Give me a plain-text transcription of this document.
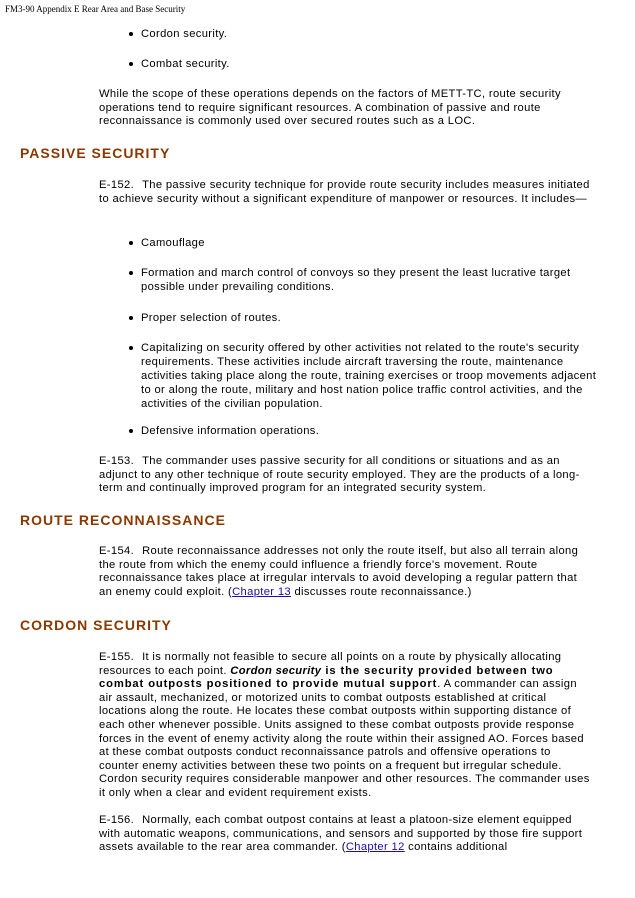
FM3-90 Appendix E Rear Area and Base Security
Cordon security.
Combat security.
While the scope of these operations depends on the factors of METT-TC, route security operations tend to require significant resources. A combination of passive and route reconnaissance is commonly used over secured routes such as a LOC.
PASSIVE SECURITY
E-152. The passive security technique for provide route security includes measures initiated to achieve security without a significant expenditure of manpower or resources. It includes—
Camouflage
Formation and march control of convoys so they present the least lucrative target possible under prevailing conditions.
Proper selection of routes.
Capitalizing on security offered by other activities not related to the route's security requirements. These activities include aircraft traversing the route, maintenance activities taking place along the route, training exercises or troop movements adjacent to or along the route, military and host nation police traffic control activities, and the activities of the civilian population.
Defensive information operations.
E-153. The commander uses passive security for all conditions or situations and as an adjunct to any other technique of route security employed. They are the products of a long-term and continually improved program for an integrated security system.
ROUTE RECONNAISSANCE
E-154. Route reconnaissance addresses not only the route itself, but also all terrain along the route from which the enemy could influence a friendly force's movement. Route reconnaissance takes place at irregular intervals to avoid developing a regular pattern that an enemy could exploit. (Chapter 13 discusses route reconnaissance.)
CORDON SECURITY
E-155. It is normally not feasible to secure all points on a route by physically allocating resources to each point. Cordon security is the security provided between two combat outposts positioned to provide mutual support. A commander can assign air assault, mechanized, or motorized units to combat outposts established at critical locations along the route. He locates these combat outposts within supporting distance of each other whenever possible. Units assigned to these combat outposts provide response forces in the event of enemy activity along the route within their assigned AO. Forces based at these combat outposts conduct reconnaissance patrols and offensive operations to counter enemy activities between these two points on a frequent but irregular schedule. Cordon security requires considerable manpower and other resources. The commander uses it only when a clear and evident requirement exists.
E-156. Normally, each combat outpost contains at least a platoon-size element equipped with automatic weapons, communications, and sensors and supported by those fire support assets available to the rear area commander. (Chapter 12 contains additional
